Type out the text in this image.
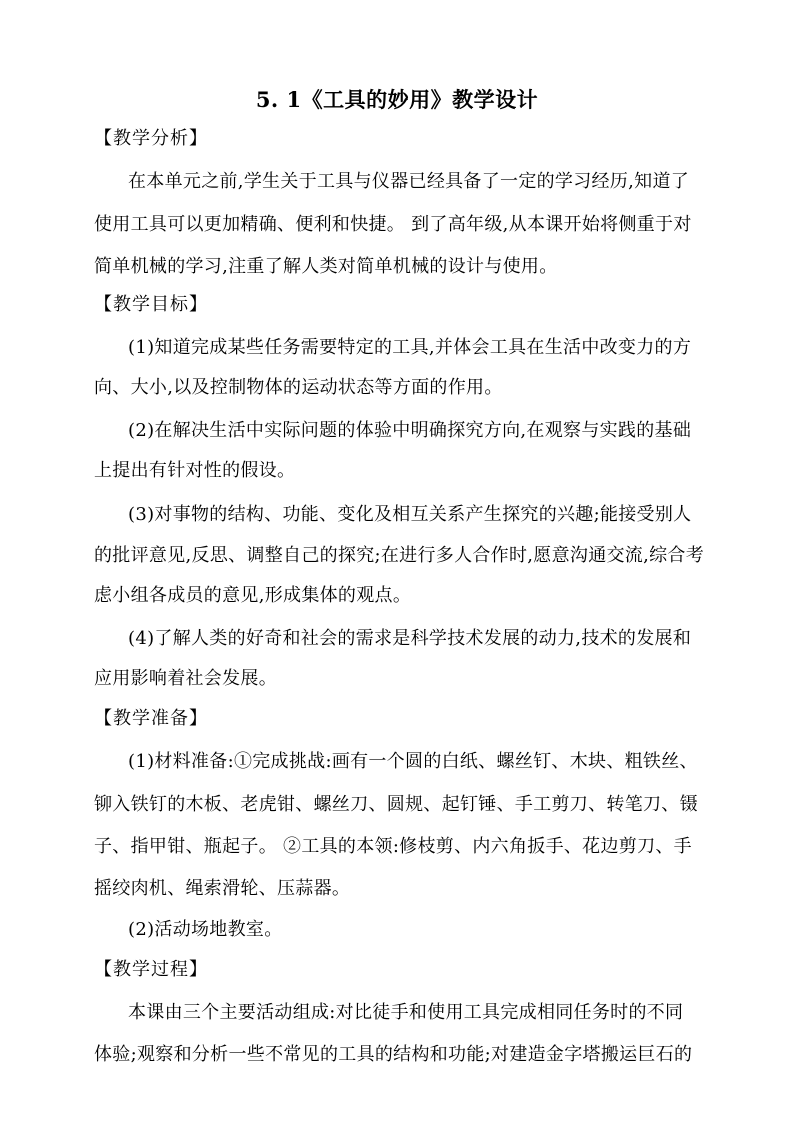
5. 1《工具的妙用》教学设计
【教学分析】
在本单元之前,学生关于工具与仪器已经具备了一定的学习经历,知道了
使用工具可以更加精确、便利和快捷。 到了高年级,从本课开始将侧重于对
简单机械的学习,注重了解人类对简单机械的设计与使用。
【教学目标】
(1)知道完成某些任务需要特定的工具,并体会工具在生活中改变力的方
向、大小,以及控制物体的运动状态等方面的作用。
(2)在解决生活中实际问题的体验中明确探究方向,在观察与实践的基础
上提出有针对性的假设。
(3)对事物的结构、功能、变化及相互关系产生探究的兴趣;能接受别人
的批评意见,反思、调整自己的探究;在进行多人合作时,愿意沟通交流,综合考
虑小组各成员的意见,形成集体的观点。
(4)了解人类的好奇和社会的需求是科学技术发展的动力,技术的发展和
应用影响着社会发展。
【教学准备】
(1)材料准备:①完成挑战:画有一个圆的白纸、螺丝钉、木块、粗铁丝、
铆入铁钉的木板、老虎钳、螺丝刀、圆规、起钉锤、手工剪刀、转笔刀、镊
子、指甲钳、瓶起子。 ②工具的本领:修枝剪、内六角扳手、花边剪刀、手
摇绞肉机、绳索滑轮、压蒜器。
(2)活动场地教室。
【教学过程】
本课由三个主要活动组成:对比徒手和使用工具完成相同任务时的不同
体验;观察和分析一些不常见的工具的结构和功能;对建造金字塔搬运巨石的
